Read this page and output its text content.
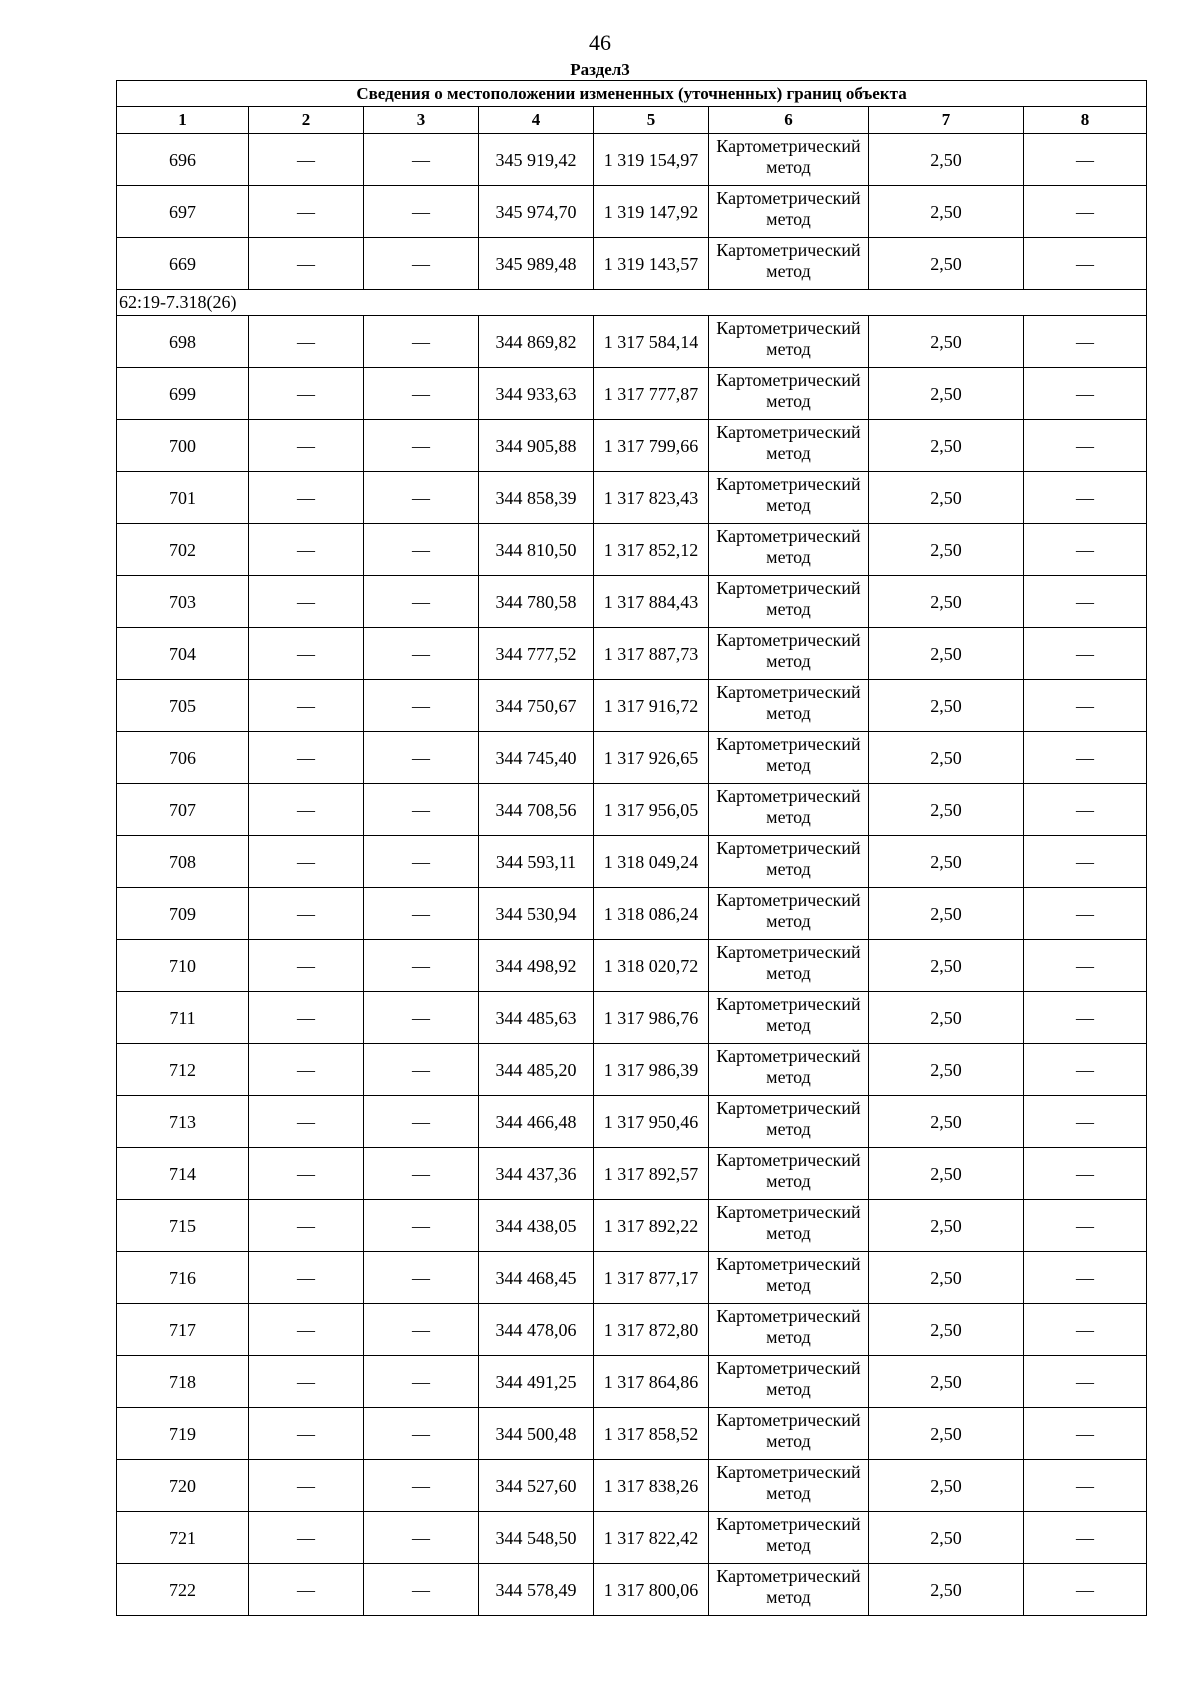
46
Раздел3
Сведения о местоположении измененных (уточненных) границ объекта							
1	2	3	4	5	6	7	8
696	—	—	345 919,42	1 319 154,97	Картометрический метод	2,50	—
697	—	—	345 974,70	1 319 147,92	Картометрический метод	2,50	—
669	—	—	345 989,48	1 319 143,57	Картометрический метод	2,50	—
62:19-7.318(26)							
698	—	—	344 869,82	1 317 584,14	Картометрический метод	2,50	—
699	—	—	344 933,63	1 317 777,87	Картометрический метод	2,50	—
700	—	—	344 905,88	1 317 799,66	Картометрический метод	2,50	—
701	—	—	344 858,39	1 317 823,43	Картометрический метод	2,50	—
702	—	—	344 810,50	1 317 852,12	Картометрический метод	2,50	—
703	—	—	344 780,58	1 317 884,43	Картометрический метод	2,50	—
704	—	—	344 777,52	1 317 887,73	Картометрический метод	2,50	—
705	—	—	344 750,67	1 317 916,72	Картометрический метод	2,50	—
706	—	—	344 745,40	1 317 926,65	Картометрический метод	2,50	—
707	—	—	344 708,56	1 317 956,05	Картометрический метод	2,50	—
708	—	—	344 593,11	1 318 049,24	Картометрический метод	2,50	—
709	—	—	344 530,94	1 318 086,24	Картометрический метод	2,50	—
710	—	—	344 498,92	1 318 020,72	Картометрический метод	2,50	—
711	—	—	344 485,63	1 317 986,76	Картометрический метод	2,50	—
712	—	—	344 485,20	1 317 986,39	Картометрический метод	2,50	—
713	—	—	344 466,48	1 317 950,46	Картометрический метод	2,50	—
714	—	—	344 437,36	1 317 892,57	Картометрический метод	2,50	—
715	—	—	344 438,05	1 317 892,22	Картометрический метод	2,50	—
716	—	—	344 468,45	1 317 877,17	Картометрический метод	2,50	—
717	—	—	344 478,06	1 317 872,80	Картометрический метод	2,50	—
718	—	—	344 491,25	1 317 864,86	Картометрический метод	2,50	—
719	—	—	344 500,48	1 317 858,52	Картометрический метод	2,50	—
720	—	—	344 527,60	1 317 838,26	Картометрический метод	2,50	—
721	—	—	344 548,50	1 317 822,42	Картометрический метод	2,50	—
722	—	—	344 578,49	1 317 800,06	Картометрический метод	2,50	—
